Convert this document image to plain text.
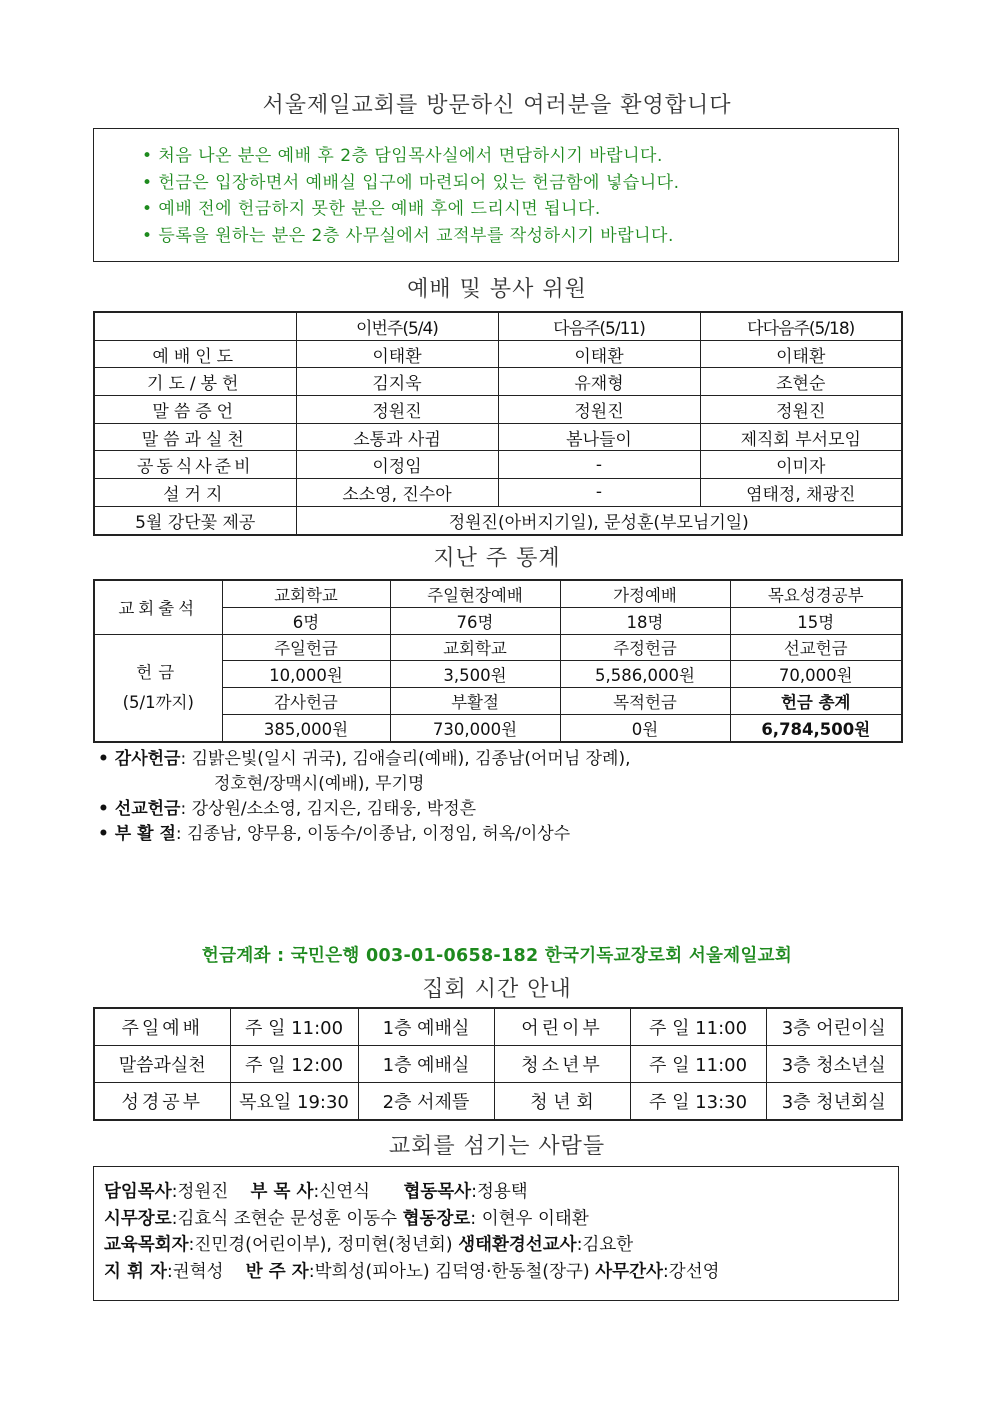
서울제일교회를 방문하신 여러분을 환영합니다
• 처음 나온 분은 예배 후 2층 담임목사실에서 면담하시기 바랍니다.
• 헌금은 입장하면서 예배실 입구에 마련되어 있는 헌금함에 넣습니다.
• 예배 전에 헌금하지 못한 분은 예배 후에 드리시면 됩니다.
• 등록을 원하는 분은 2층 사무실에서 교적부를 작성하시기 바랍니다.
예배 및 봉사 위원
	이번주(5/4)	다음주(5/11)	다다음주(5/18)
예배인도	이태환	이태환	이태환
기도/봉헌	김지욱	유재형	조현순
말씀증언	정원진	정원진	정원진
말씀과실천	소통과 사귐	봄나들이	제직회 부서모임
공동식사준비	이정임	-	이미자
설거지	소소영, 진수아	-	염태정, 채광진
5월 강단꽃 제공	정원진(아버지기일), 문성훈(부모님기일)		
지난 주 통계
교회출석	교회학교	주일현장예배	가정예배	목요성경공부
	6명	76명	18명	15명

헌금
(5/1까지)	주일헌금	교회학교	주정헌금	선교헌금
	10,000원	3,500원	5,586,000원	70,000원
	감사헌금	부활절	목적헌금	헌금 총계
	385,000원	730,000원	0원	6,784,500원
• 감사헌금: 김밝은빛(일시 귀국), 김애슬리(예배), 김종남(어머님 장례),
정호현/장맥시(예배), 무기명
• 선교헌금: 강상원/소소영, 김지은, 김태웅, 박정흔
• 부 활 절: 김종남, 양무용, 이동수/이종남, 이정임, 허옥/이상수
헌금계좌 : 국민은행 003-01-0658-182 한국기독교장로회 서울제일교회
집회 시간 안내
주일예배	주 일 11:00	1층 예배실	어린이부	주 일 11:00	3층 어린이실
말씀과실천	주 일 12:00	1층 예배실	청소년부	주 일 11:00	3층 청소년실
성경공부	목요일 19:30	2층 서제뜰	청 년 회	주 일 13:30	3층 청년회실
교회를 섬기는 사람들
담임목사:정원진 부 목 사:신연식 협동목사:정용택
시무장로:김효식 조현순 문성훈 이동수 협동장로: 이현우 이태환
교육목회자:진민경(어린이부), 정미현(청년회) 생태환경선교사:김요한
지 휘 자:권혁성 반 주 자:박희성(피아노) 김덕영·한동철(장구) 사무간사:강선영
